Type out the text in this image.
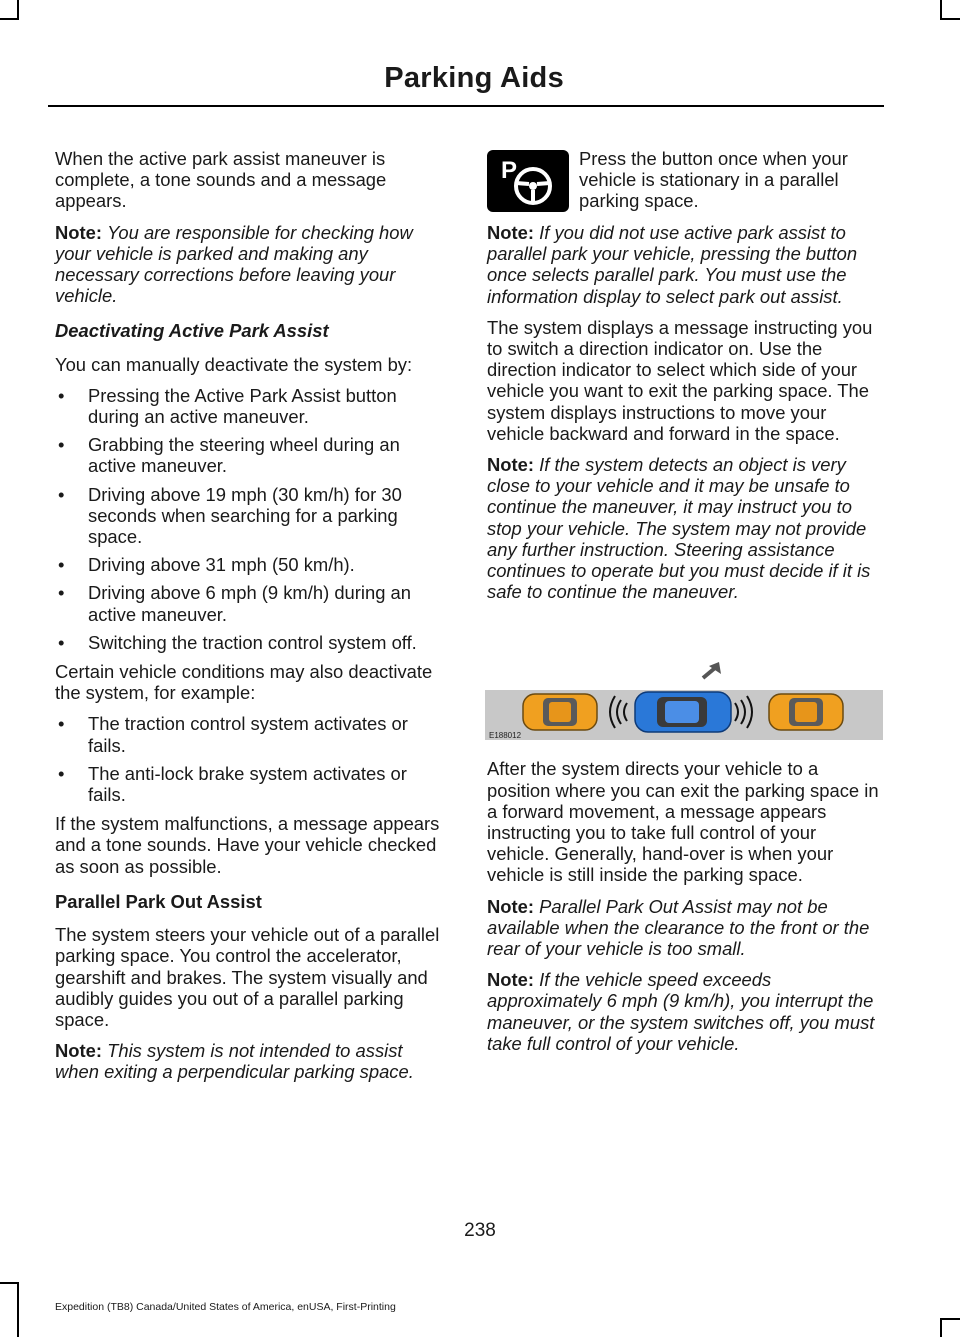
Parking Aids

When the active park assist maneuver is complete, a tone sounds and a message appears.

Note: You are responsible for checking how your vehicle is parked and making any necessary corrections before leaving your vehicle.

Deactivating Active Park Assist

You can manually deactivate the system by:

• Pressing the Active Park Assist button during an active maneuver.
• Grabbing the steering wheel during an active maneuver.
• Driving above 19 mph (30 km/h) for 30 seconds when searching for a parking space.
• Driving above 31 mph (50 km/h).
• Driving above 6 mph (9 km/h) during an active maneuver.
• Switching the traction control system off.

Certain vehicle conditions may also deactivate the system, for example:

• The traction control system activates or fails.
• The anti-lock brake system activates or fails.

If the system malfunctions, a message appears and a tone sounds. Have your vehicle checked as soon as possible.

Parallel Park Out Assist

The system steers your vehicle out of a parallel parking space. You control the accelerator, gearshift and brakes. The system visually and audibly guides you out of a parallel parking space.

Note: This system is not intended to assist when exiting a perpendicular parking space.

P	Press the button once when your vehicle is stationary in a parallel parking space.

Note: If you did not use active park assist to parallel park your vehicle, pressing the button once selects parallel park. You must use the information display to select park out assist.

The system displays a message instructing you to switch a direction indicator on. Use the direction indicator to select which side of your vehicle you want to exit the parking space. The system displays instructions to move your vehicle backward and forward in the space.

Note: If the system detects an object is very close to your vehicle and it may be unsafe to continue the maneuver, it may instruct you to stop your vehicle. The system may not provide any further instruction. Steering assistance continues to operate but you must decide if it is safe to continue the maneuver.

E188012

After the system directs your vehicle to a position where you can exit the parking space in a forward movement, a message appears instructing you to take full control of your vehicle. Generally, hand-over is when your vehicle is still inside the parking space.

Note: Parallel Park Out Assist may not be available when the clearance to the front or the rear of your vehicle is too small.

Note: If the vehicle speed exceeds approximately 6 mph (9 km/h), you interrupt the maneuver, or the system switches off, you must take full control of your vehicle.

238
Expedition (TB8) Canada/United States of America, enUSA, First-Printing
